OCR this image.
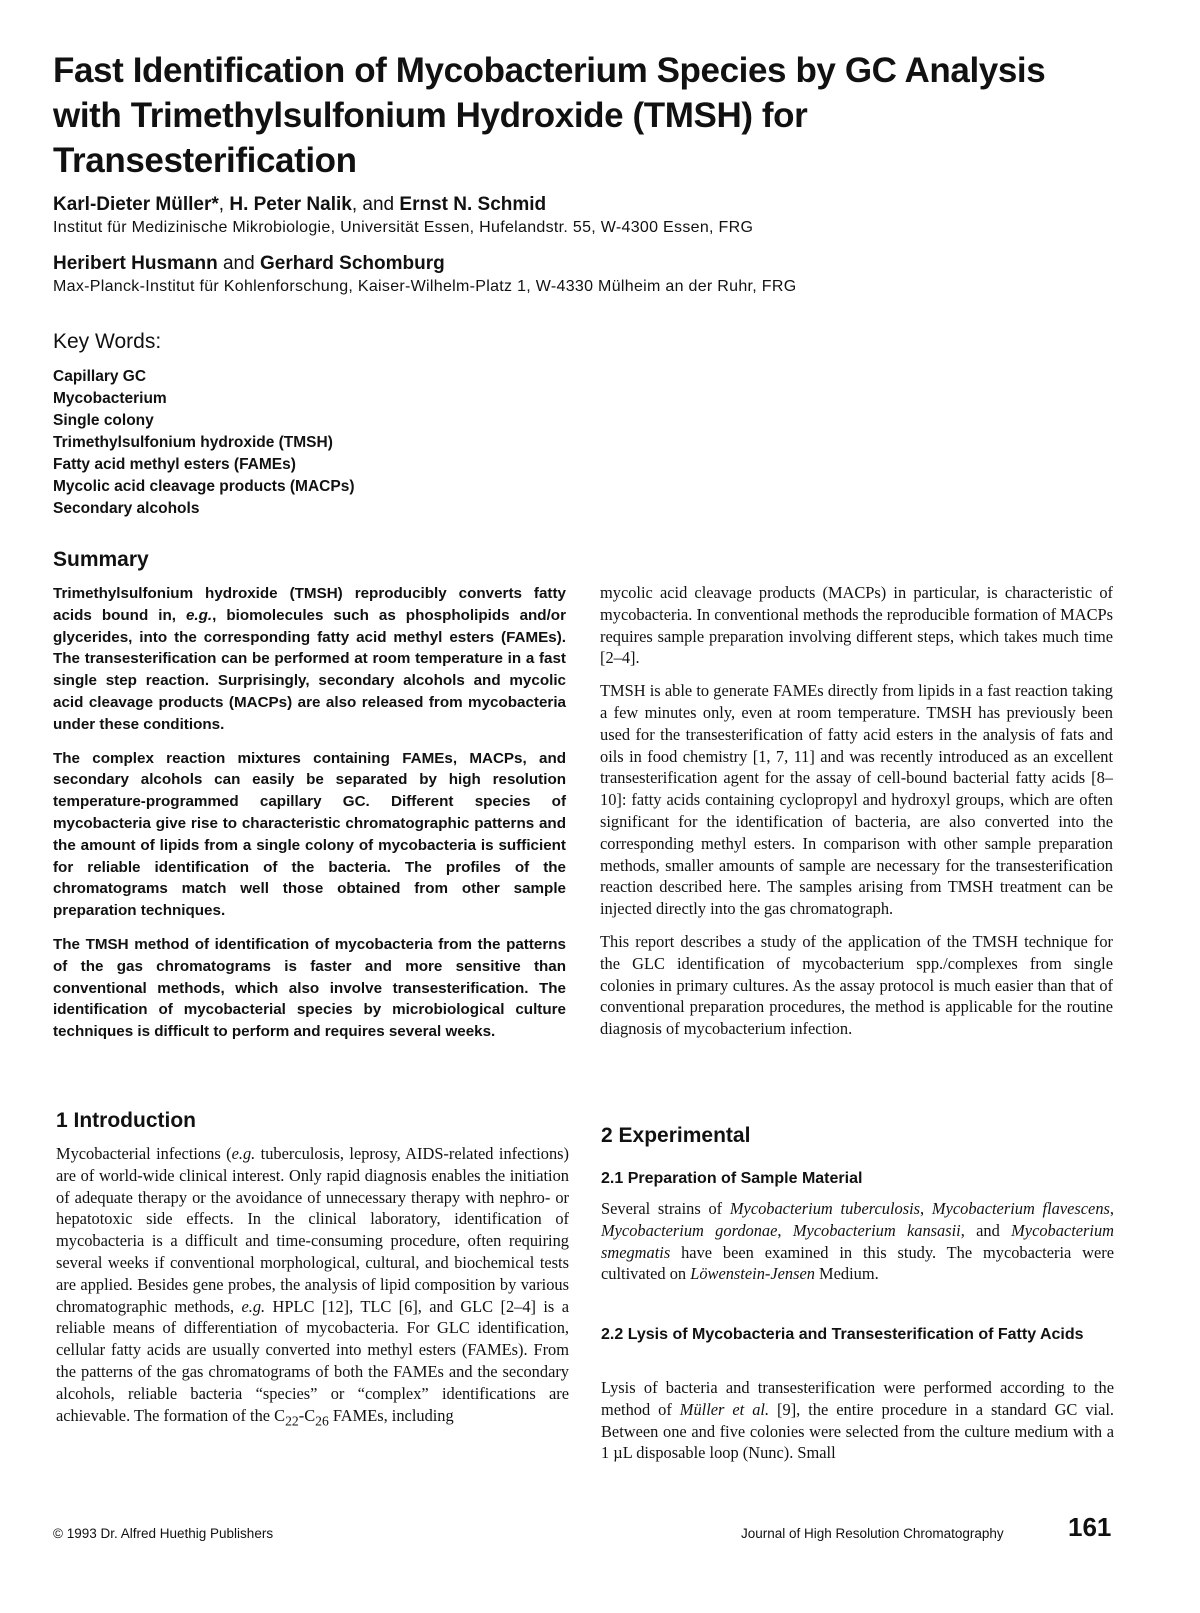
Fast Identification of Mycobacterium Species by GC Analysis
with Trimethylsulfonium Hydroxide (TMSH) for
Transesterification
Karl-Dieter Müller*, H. Peter Nalik, and Ernst N. Schmid
Institut für Medizinische Mikrobiologie, Universität Essen, Hufelandstr. 55, W-4300 Essen, FRG
Heribert Husmann and Gerhard Schomburg
Max-Planck-Institut für Kohlenforschung, Kaiser-Wilhelm-Platz 1, W-4330 Mülheim an der Ruhr, FRG
Key Words:
Capillary GC
Mycobacterium
Single colony
Trimethylsulfonium hydroxide (TMSH)
Fatty acid methyl esters (FAMEs)
Mycolic acid cleavage products (MACPs)
Secondary alcohols
Summary

Trimethylsulfonium hydroxide (TMSH) reproducibly converts fatty acids bound in, e.g., biomolecules such as phospholipids and/or glycerides, into the corresponding fatty acid methyl esters (FAMEs). The transesterification can be performed at room temperature in a fast single step reaction. Surprisingly, secondary alcohols and mycolic acid cleavage products (MACPs) are also released from mycobacteria under these conditions.

The complex reaction mixtures containing FAMEs, MACPs, and secondary alcohols can easily be separated by high resolution temperature-programmed capillary GC. Different species of mycobacteria give rise to characteristic chromatographic patterns and the amount of lipids from a single colony of mycobacteria is sufficient for reliable identification of the bacteria. The profiles of the chromatograms match well those obtained from other sample preparation techniques.

The TMSH method of identification of mycobacteria from the patterns of the gas chromatograms is faster and more sensitive than conventional methods, which also involve transesterification. The identification of mycobacterial species by microbiological culture techniques is difficult to perform and requires several weeks.

1 Introduction

Mycobacterial infections (e.g. tuberculosis, leprosy, AIDS-related infections) are of world-wide clinical interest. Only rapid diagnosis enables the initiation of adequate therapy or the avoidance of unnecessary therapy with nephro- or hepatotoxic side effects. In the clinical laboratory, identification of mycobacteria is a difficult and time-consuming procedure, often requiring several weeks if conventional morphological, cultural, and biochemical tests are applied. Besides gene probes, the analysis of lipid composition by various chromatographic methods, e.g. HPLC [12], TLC [6], and GLC [2–4] is a reliable means of differentiation of mycobacteria. For GLC identification, cellular fatty acids are usually converted into methyl esters (FAMEs). From the patterns of the gas chromatograms of both the FAMEs and the secondary alcohols, reliable bacteria “species” or “complex” identifications are achievable. The formation of the $C_{22}-C_{26}$ FAMEs, including

mycolic acid cleavage products (MACPs) in particular, is characteristic of mycobacteria. In conventional methods the reproducible formation of MACPs requires sample preparation involving different steps, which takes much time [2–4].

TMSH is able to generate FAMEs directly from lipids in a fast reaction taking a few minutes only, even at room temperature. TMSH has previously been used for the transesterification of fatty acid esters in the analysis of fats and oils in food chemistry [1, 7, 11] and was recently introduced as an excellent transesterification agent for the assay of cell-bound bacterial fatty acids [8–10]: fatty acids containing cyclopropyl and hydroxyl groups, which are often significant for the identification of bacteria, are also converted into the corresponding methyl esters. In comparison with other sample preparation methods, smaller amounts of sample are necessary for the transesterification reaction described here. The samples arising from TMSH treatment can be injected directly into the gas chromatograph.

This report describes a study of the application of the TMSH technique for the GLC identification of mycobacterium spp./complexes from single colonies in primary cultures. As the assay protocol is much easier than that of conventional preparation procedures, the method is applicable for the routine diagnosis of mycobacterium infection.

2 Experimental
2.1 Preparation of Sample Material

Several strains of Mycobacterium tuberculosis, Mycobacterium flavescens, Mycobacterium gordonae, Mycobacterium kansasii, and Mycobacterium smegmatis have been examined in this study. The mycobacteria were cultivated on Löwenstein-Jensen Medium.

2.2 Lysis of Mycobacteria and Transesterification of Fatty Acids

Lysis of bacteria and transesterification were performed according to the method of Müller et al. [9], the entire procedure in a standard GC vial. Between one and five colonies were selected from the culture medium with a 1 µL disposable loop (Nunc). Small

© 1993 Dr. Alfred Huethig Publishers	Journal of High Resolution Chromatography 161
